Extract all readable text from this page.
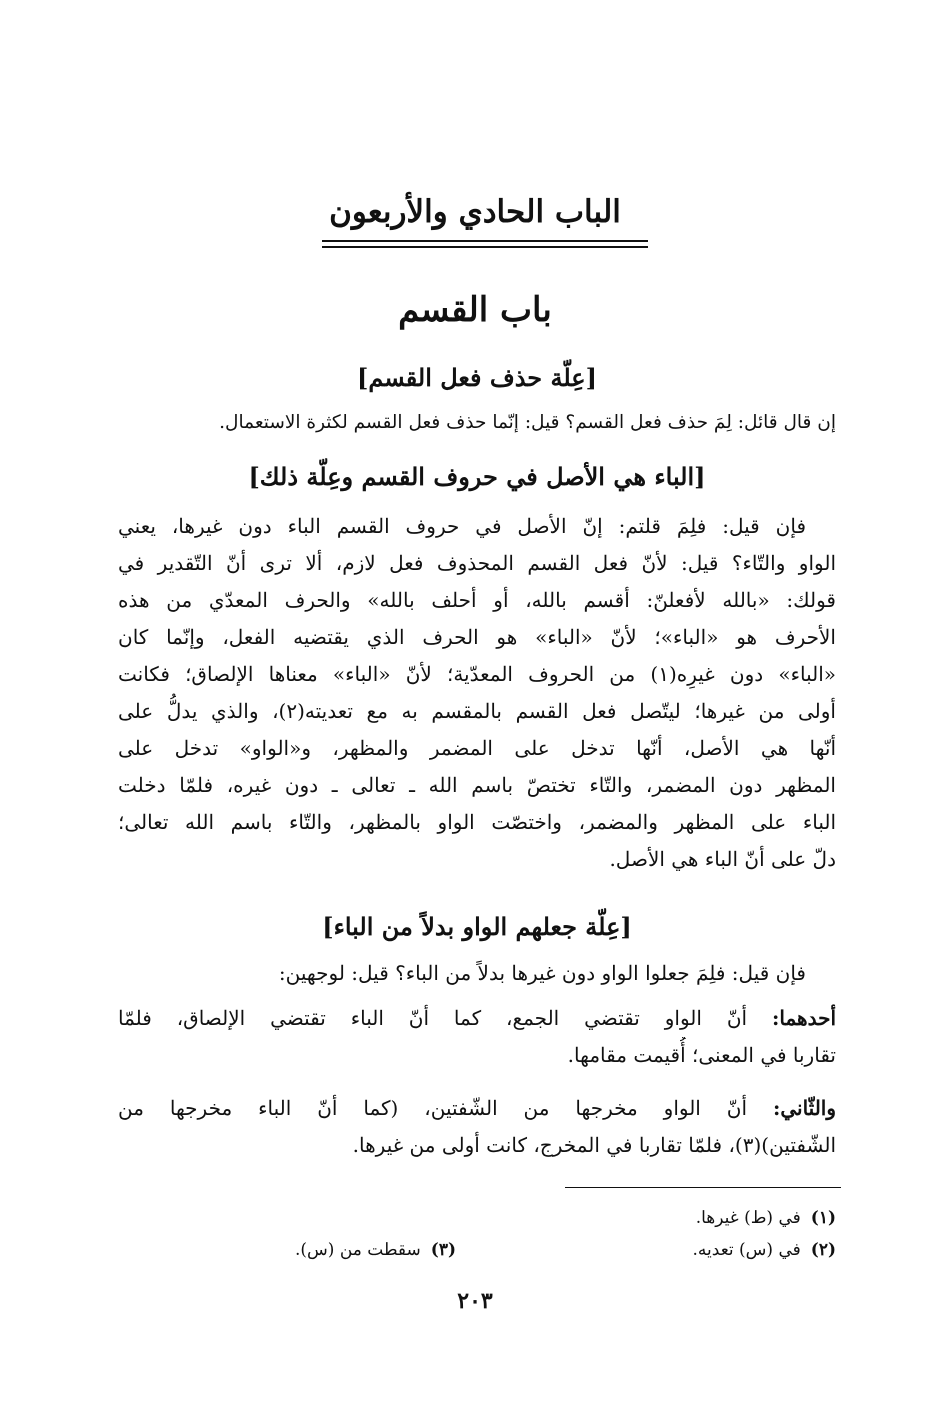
الباب الحادي والأربعون
باب القسم
[عِلّة حذف فعل القسم]
إن قال قائل: لِمَ حذف فعل القسم؟ قيل: إنّما حذف فعل القسم لكثرة الاستعمال.
[الباء هي الأصل في حروف القسم وعِلّة ذلك]
فإن قيل: فلِمَ قلتم: إنّ الأصل في حروف القسم الباء دون غيرها، يعني
الواو والتّاء؟ قيل: لأنّ فعل القسم المحذوف فعل لازم، ألا ترى أنّ التّقدير في
قولك: «بالله لأفعلنّ: أقسم بالله، أو أحلف بالله» والحرف المعدّي من هذه
الأحرف هو «الباء»؛ لأنّ «الباء» هو الحرف الذي يقتضيه الفعل، وإنّما كان
«الباء» دون غيرِه(١) من الحروف المعدّية؛ لأنّ «الباء» معناها الإلصاق؛ فكانت
أولى من غيرها؛ ليتّصل فعل القسم بالمقسم به مع تعديته(٢)، والذي يدلُّ على
أنّها هي الأصل، أنّها تدخل على المضمر والمظهر، و«الواو» تدخل على
المظهر دون المضمر، والتّاء تختصّ باسم الله ـ تعالى ـ دون غيره، فلمّا دخلت
الباء على المظهر والمضمر، واختصّت الواو بالمظهر، والتّاء باسم الله تعالى؛
دلّ على أنّ الباء هي الأصل.
[عِلّة جعلهم الواو بدلاً من الباء]
فإن قيل: فلِمَ جعلوا الواو دون غيرها بدلاً من الباء؟ قيل: لوجهين:
أحدهما: أنّ الواو تقتضي الجمع، كما أنّ الباء تقتضي الإلصاق، فلمّا
تقاربا في المعنى؛ أُقيمت مقامها.
والثّاني: أنّ الواو مخرجها من الشّفتين، (كما أنّ الباء مخرجها من
الشّفتين)(٣)، فلمّا تقاربا في المخرج، كانت أولى من غيرها.
(١)في (ط) غيرها.
(٢)في (س) تعديه.
(٣)سقطت من (س).
٢٠٣
